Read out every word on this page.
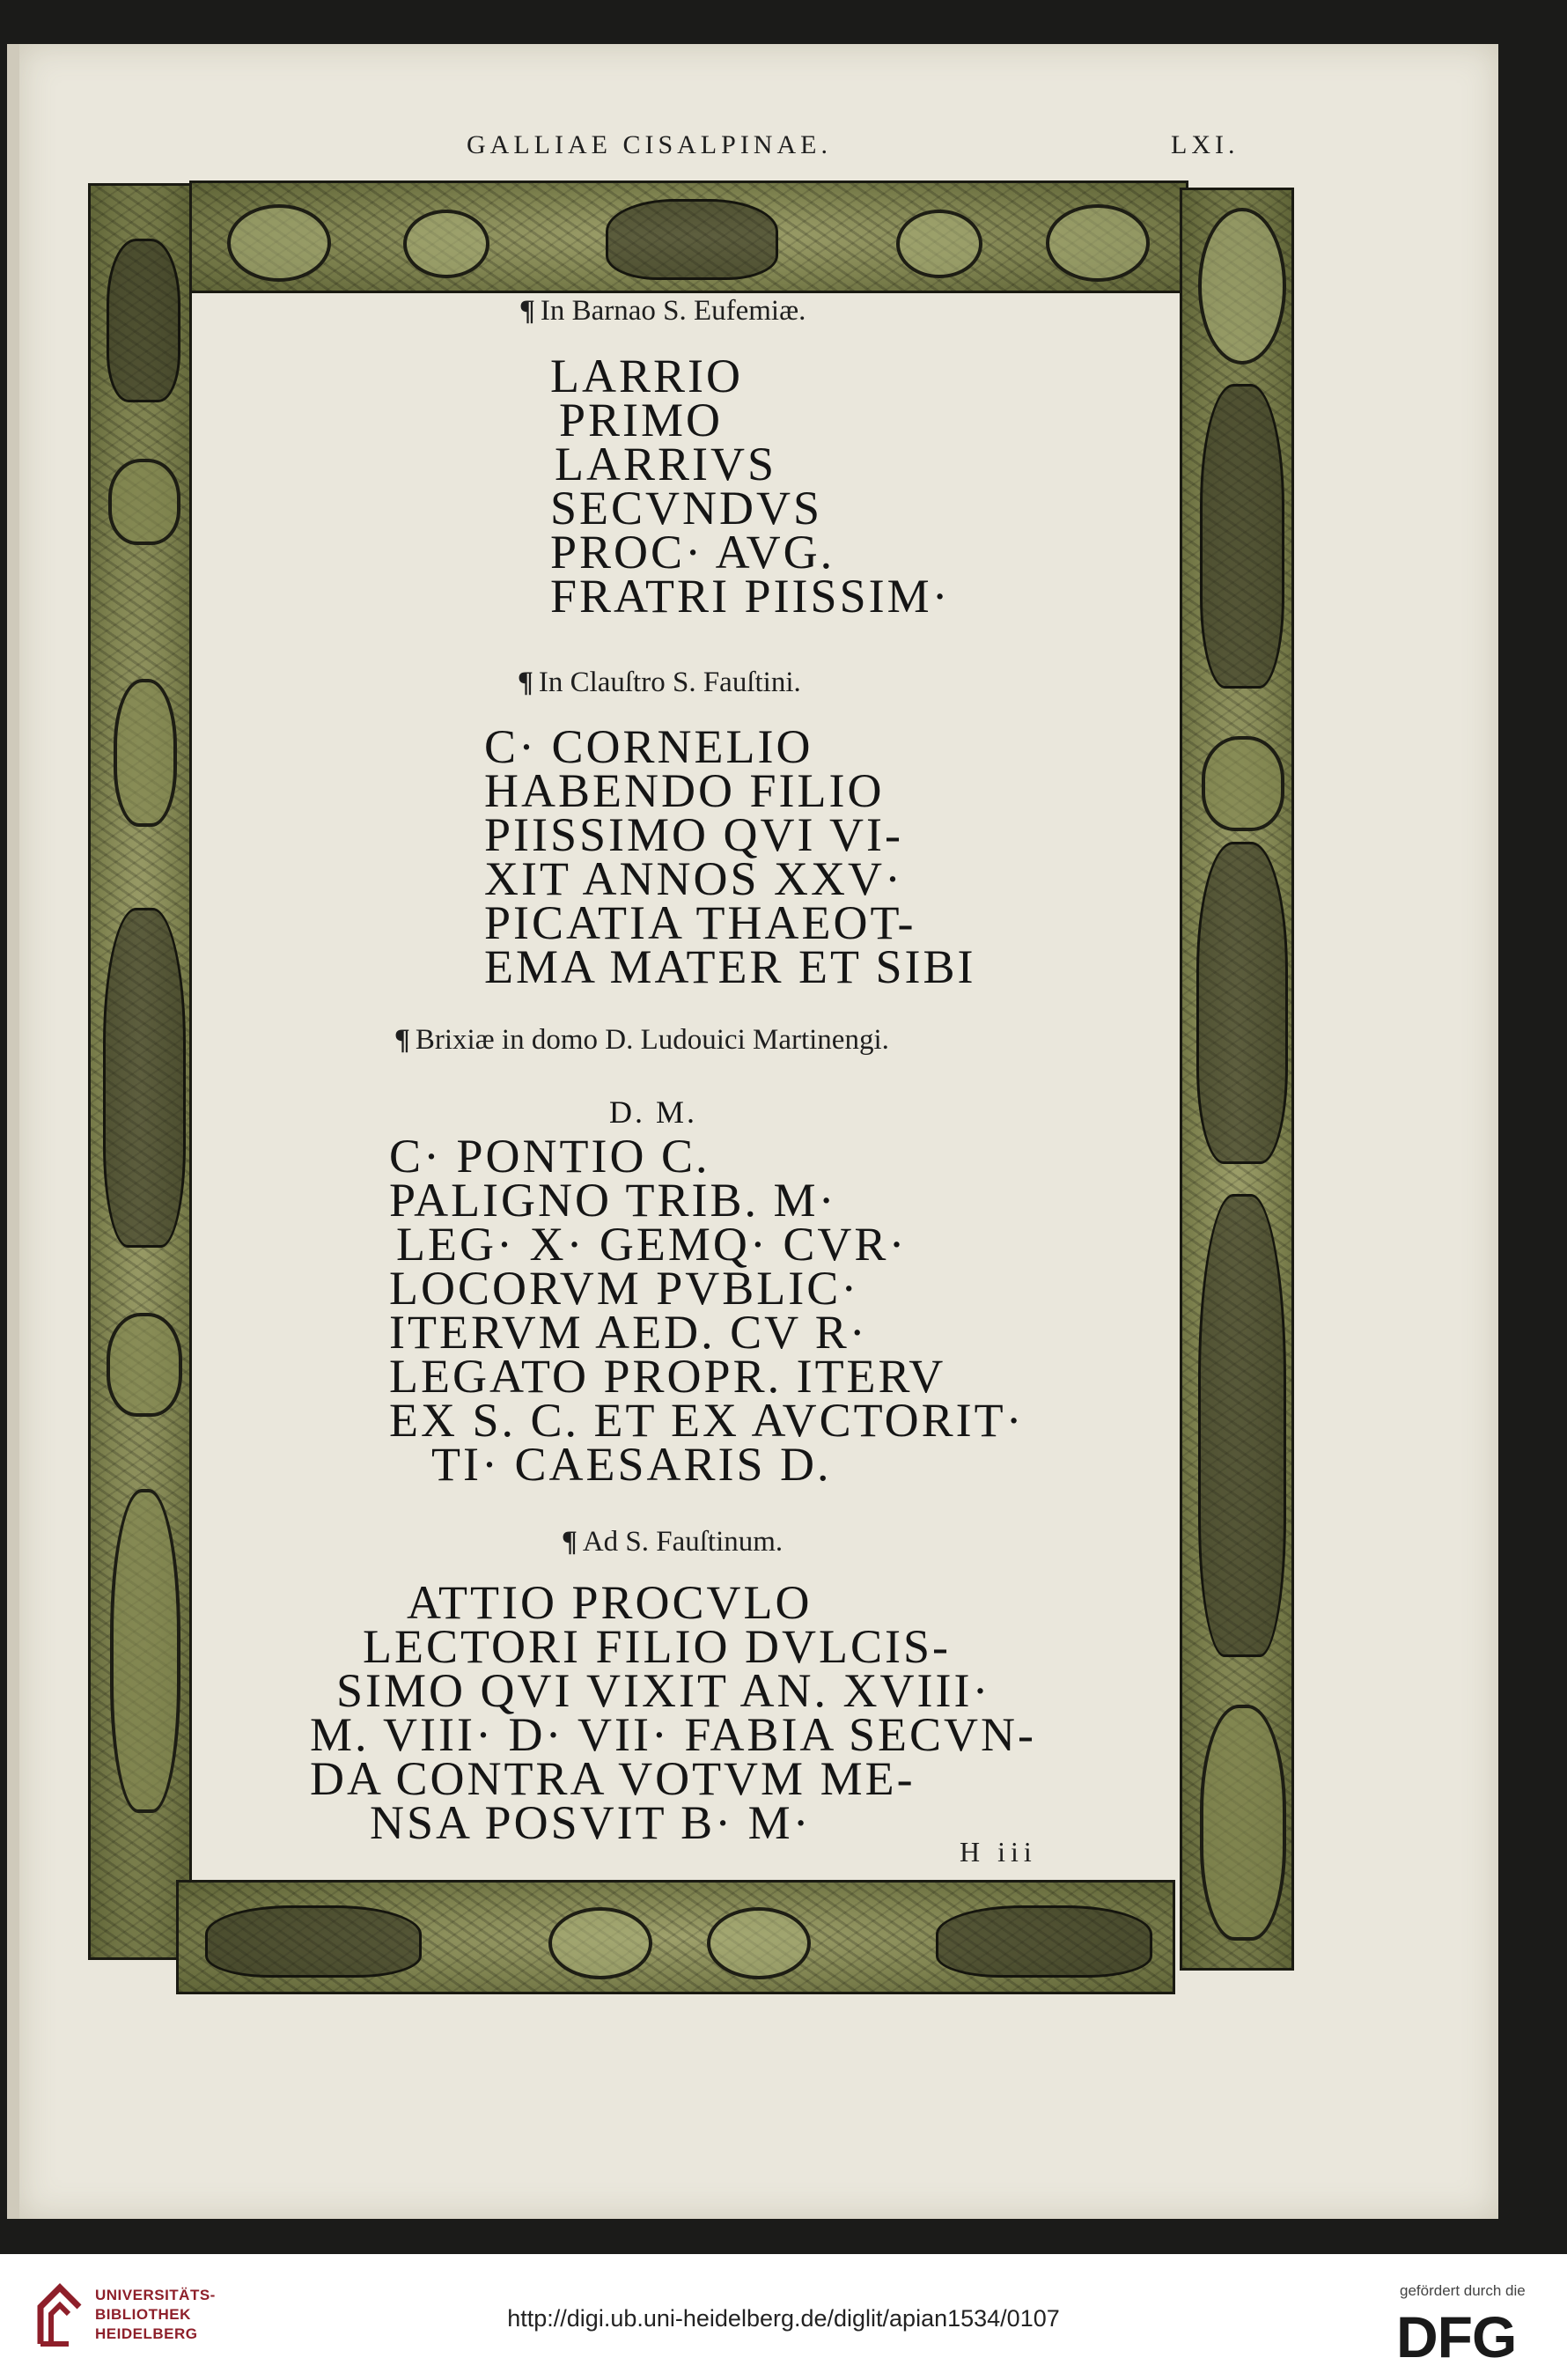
GALLIAE CISALPINAE.	LXI.
¶ In Barnao S. Eufemiæ.
LARRIO
PRIMO
LARRIVS
SECVNDVS
PROC· AVG.
FRATRI PIISSIM·
¶ In Clauſtro S. Fauſtini.
C· CORNELIO
HABENDO FILIO
PIISSIMO QVI VI-
XIT ANNOS XXV·
PICATIA THAEOT-
EMA MATER ET SIBI
¶ Brixiæ in domo D. Ludouici Martinengi.
D. M.
C· PONTIO C.
PALIGNO TRIB. M·
LEG· X· GEMQ· CVR·
LOCORVM PVBLIC·
ITERVM AED. CV R·
LEGATO PROPR. ITERV
EX S. C. ET EX AVCTORIT·
TI· CAESARIS D.
¶ Ad S. Fauſtinum.
ATTIO PROCVLO
LECTORI FILIO DVLCIS-
SIMO QVI VIXIT AN. XVIII·
M. VIII· D· VII· FABIA SECVN-
DA CONTRA VOTVM ME-
NSA POSVIT B· M·
H iii
UNIVERSITÄTS-
BIBLIOTHEK
HEIDELBERG
http://digi.ub.uni-heidelberg.de/diglit/apian1534/0107
gefördert durch die
DFG
